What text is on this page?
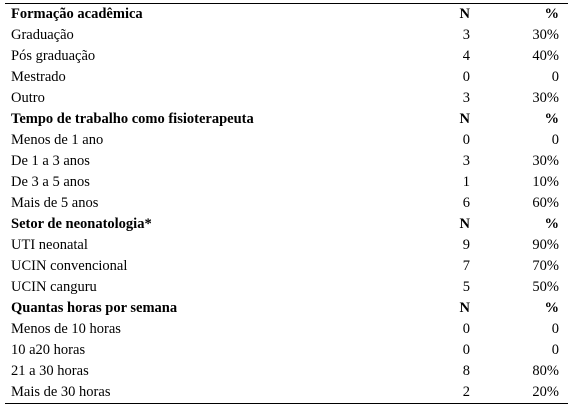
Formação acadêmica	N	%
Graduação	3	30%
Pós graduação	4	40%
Mestrado	0	0
Outro	3	30%
Tempo de trabalho como fisioterapeuta	N	%
Menos de 1 ano	0	0
De 1 a 3 anos	3	30%
De 3 a 5 anos	1	10%
Mais de 5 anos	6	60%
Setor de neonatologia*	N	%
UTI neonatal	9	90%
UCIN convencional	7	70%
UCIN canguru	5	50%
Quantas horas por semana	N	%
Menos de 10 horas	0	0
10 a20 horas	0	0
21 a 30 horas	8	80%
Mais de 30 horas	2	20%
